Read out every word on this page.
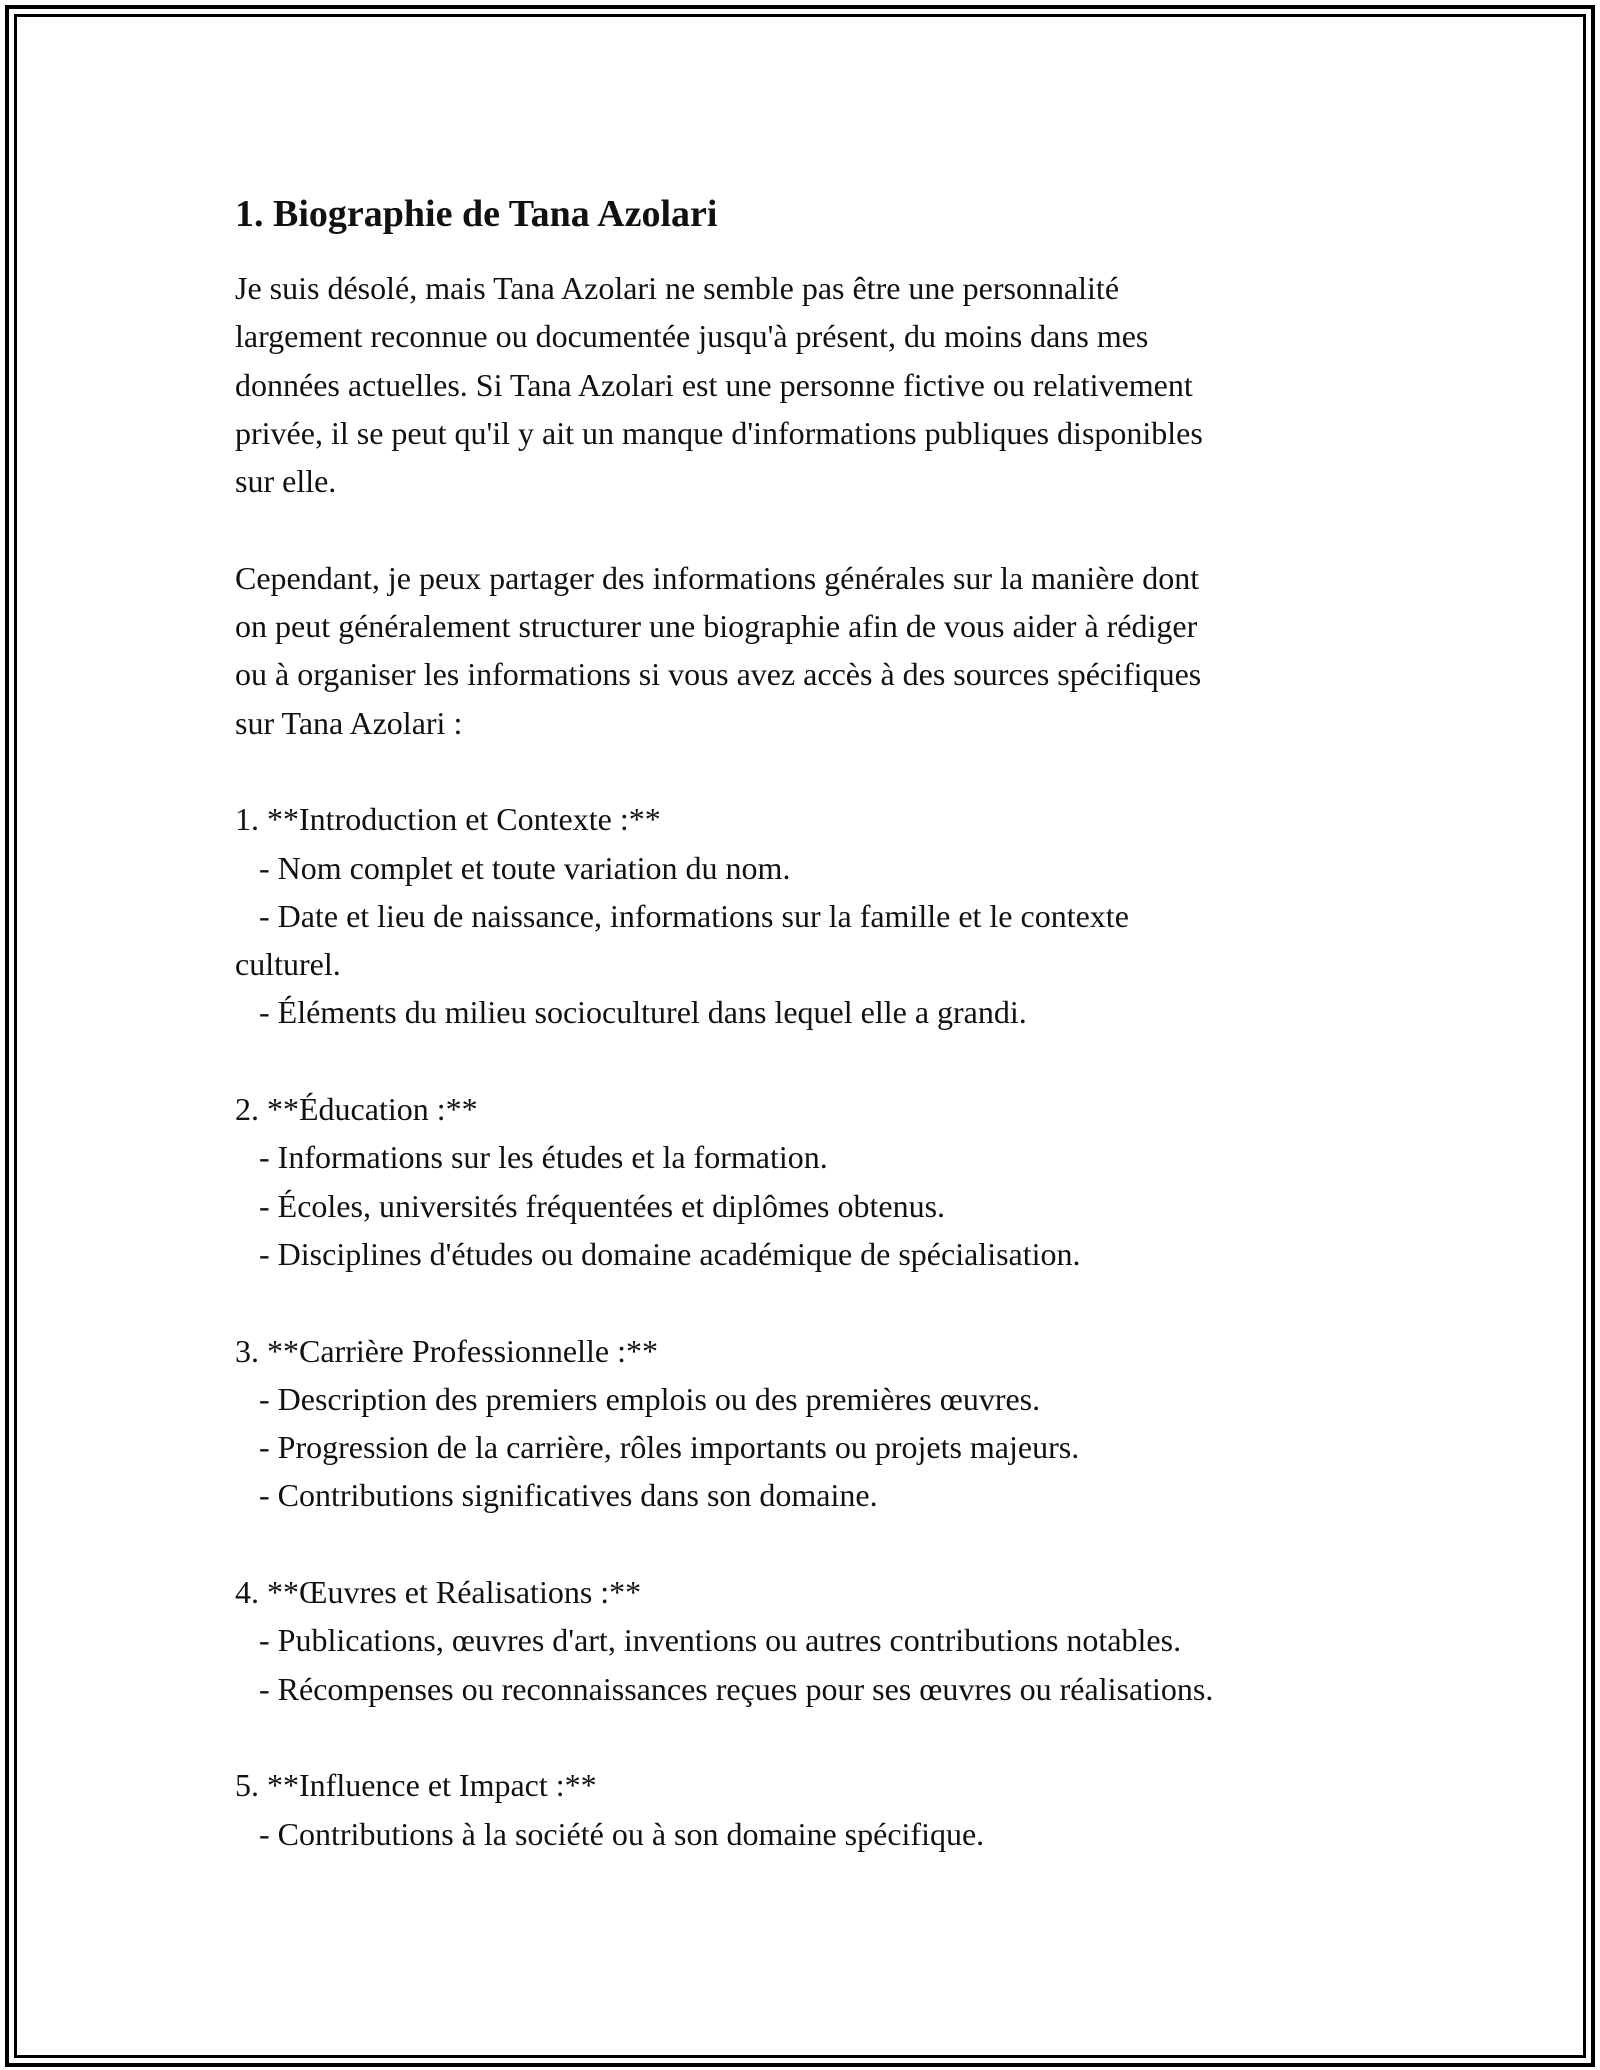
1. Biographie de Tana Azolari

Je suis désolé, mais Tana Azolari ne semble pas être une personnalité
largement reconnue ou documentée jusqu'à présent, du moins dans mes
données actuelles. Si Tana Azolari est une personne fictive ou relativement
privée, il se peut qu'il y ait un manque d'informations publiques disponibles
sur elle.

Cependant, je peux partager des informations générales sur la manière dont
on peut généralement structurer une biographie afin de vous aider à rédiger
ou à organiser les informations si vous avez accès à des sources spécifiques
sur Tana Azolari :

1. **Introduction et Contexte :**
- Nom complet et toute variation du nom.
- Date et lieu de naissance, informations sur la famille et le contexte
culturel.
- Éléments du milieu socioculturel dans lequel elle a grandi.

2. **Éducation :**
- Informations sur les études et la formation.
- Écoles, universités fréquentées et diplômes obtenus.
- Disciplines d'études ou domaine académique de spécialisation.

3. **Carrière Professionnelle :**
- Description des premiers emplois ou des premières œuvres.
- Progression de la carrière, rôles importants ou projets majeurs.
- Contributions significatives dans son domaine.

4. **Œuvres et Réalisations :**
- Publications, œuvres d'art, inventions ou autres contributions notables.
- Récompenses ou reconnaissances reçues pour ses œuvres ou réalisations.

5. **Influence et Impact :**
- Contributions à la société ou à son domaine spécifique.
